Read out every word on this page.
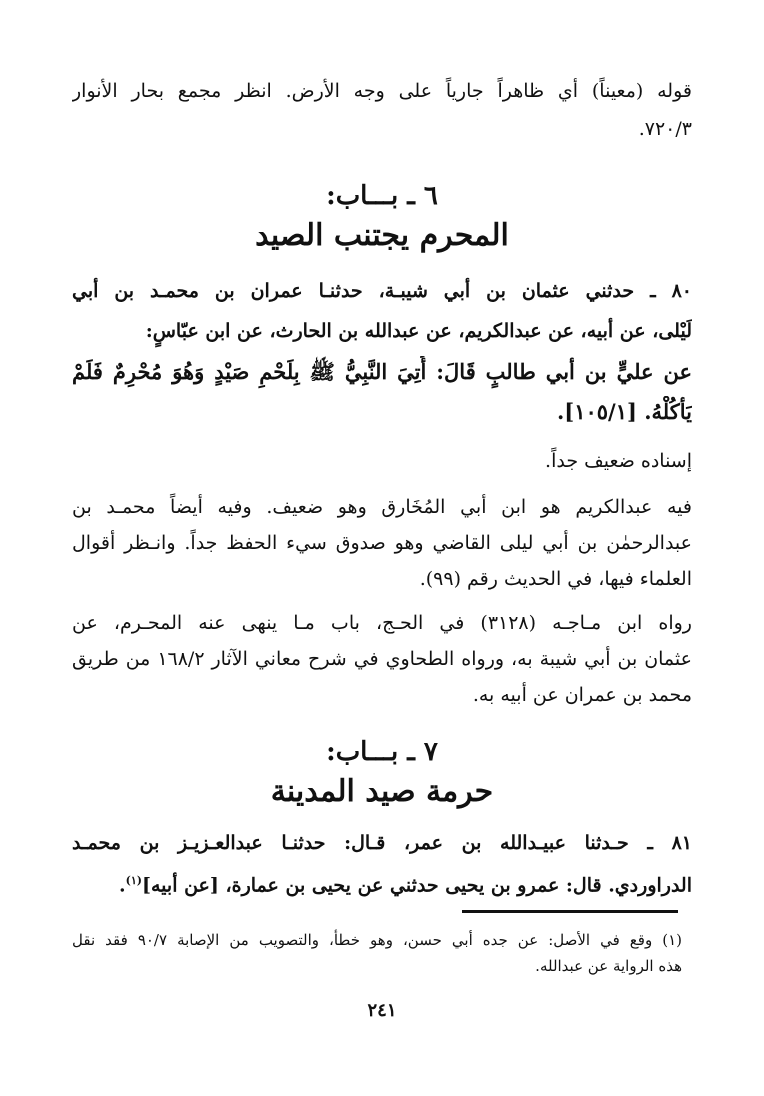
قوله (معيناً) أي ظاهراً جارياً على وجه الأرض. انظر مجمع بحار الأنوار
.٧٢٠/٣
٦ ـ بـــاب:
المحرم يجتنب الصيد
٨٠ ـ حدثني عثمان بن أبي شيبـة، حدثنـا عمران بن محمـد بن أبي
لَيْلى، عن أبيه، عن عبدالكريم، عن عبدالله بن الحارث، عن ابن عبّاسٍ:
عن عليٍّ بن أبي طالبٍ قَالَ: أُتِيَ النَّبِيُّ ﷺ بِلَحْمِ صَيْدٍ وَهُوَ مُحْرِمٌ فَلَمْ
يَأْكُلْهُ. [١٠٥/١].
إسناده ضعيف جداً.
فيه عبدالكريم هو ابن أبي المُخَارق وهو ضعيف. وفيه أيضاً محمـد بن
عبدالرحمٰن بن أبي ليلى القاضي وهو صدوق سيء الحفظ جداً. وانـظر أقوال
العلماء فيها، في الحديث رقم (٩٩).
رواه ابن مـاجـه (٣١٢٨) في الحـج، باب مـا ينهى عنه المحـرم، عن
عثمان بن أبي شيبة به، ورواه الطحاوي في شرح معاني الآثار ١٦٨/٢ من طريق
محمد بن عمران عن أبيه به.
٧ ـ بـــاب:
حرمة صيد المدينة
٨١ ـ حـدثنا عبيـدالله بن عمر، قـال: حدثنـا عبدالعـزيـز بن محمـد
الدراوردي. قال: عمرو بن يحيى حدثني عن يحيى بن عمارة، [عن أبيه]$^{(١)}$.
(١) وقع في الأصل: عن جده أبي حسن، وهو خطأ، والتصويب من الإصابة ٩٠/٧ فقد نقل
هذه الرواية عن عبدالله.
٢٤١
